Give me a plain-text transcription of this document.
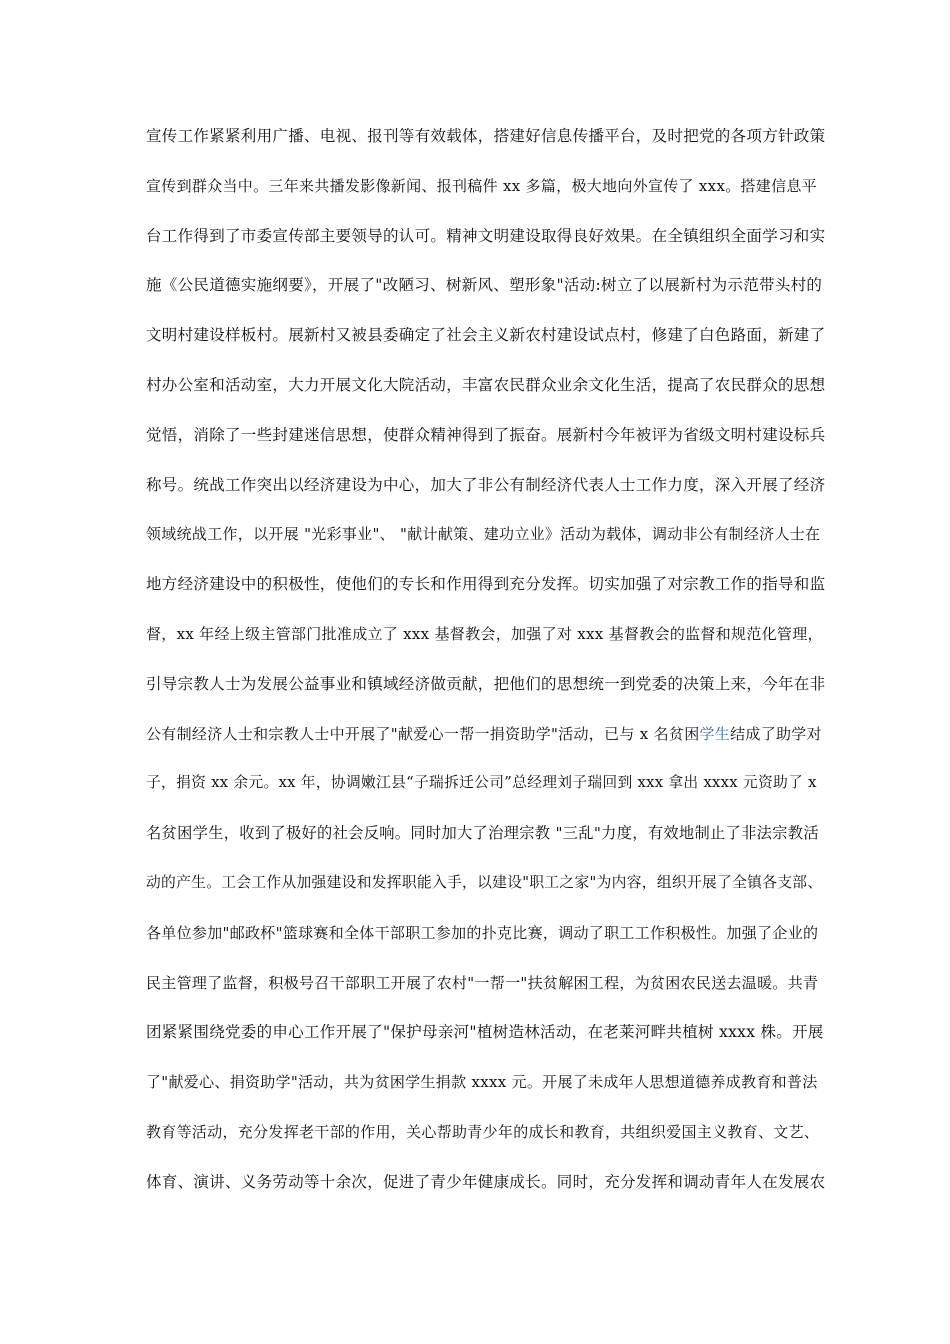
宣传工作紧紧利用广播、电视、报刊等有效载体，搭建好信息传播平台，及时把党的各项方针政策
宣传到群众当中。三年来共播发影像新闻、报刊稿件 xx 多篇，极大地向外宣传了 xxx。搭建信息平
台工作得到了市委宣传部主要领导的认可。精神文明建设取得良好效果。在全镇组织全面学习和实
施《公民道德实施纲要》，开展了"改陋习、树新风、塑形象"活动:树立了以展新村为示范带头村的
文明村建设样板村。展新村又被县委确定了社会主义新农村建设试点村，修建了白色路面，新建了
村办公室和活动室，大力开展文化大院活动，丰富农民群众业余文化生活，提高了农民群众的思想
觉悟，消除了一些封建迷信思想，使群众精神得到了振奋。展新村今年被评为省级文明村建设标兵
称号。统战工作突出以经济建设为中心，加大了非公有制经济代表人士工作力度，深入开展了经济
领域统战工作，以开展 "光彩事业"、 "献计献策、建功立业》活动为载体，调动非公有制经济人士在
地方经济建设中的积极性，使他们的专长和作用得到充分发挥。切实加强了对宗教工作的指导和监
督，xx 年经上级主管部门批准成立了 xxx 基督教会，加强了对 xxx 基督教会的监督和规范化管理，
引导宗教人士为发展公益事业和镇域经济做贡献，把他们的思想统一到党委的决策上来，今年在非
公有制经济人士和宗教人士中开展了"献爱心一帮一捐资助学"活动，已与 x 名贫困学生结成了助学对
子，捐资 xx 余元。xx 年，协调嫩江县“子瑞拆迁公司”总经理刘子瑞回到 xxx 拿出 xxxx 元资助了 x
名贫困学生，收到了极好的社会反响。同时加大了治理宗教 "三乱"力度，有效地制止了非法宗教活
动的产生。工会工作从加强建设和发挥职能入手，以建设"职工之家"为内容，组织开展了全镇各支部、
各单位参加"邮政杯"篮球赛和全体干部职工参加的扑克比赛，调动了职工工作积极性。加强了企业的
民主管理了监督，积极号召干部职工开展了农村"一帮一"扶贫解困工程，为贫困农民送去温暖。共青
团紧紧围绕党委的申心工作开展了"保护母亲河"植树造林活动，在老莱河畔共植树 xxxx 株。开展
了"献爱心、捐资助学"活动，共为贫困学生捐款 xxxx 元。开展了未成年人思想道德养成教育和普法
教育等活动，充分发挥老干部的作用，关心帮助青少年的成长和教育，共组织爱国主义教育、文艺、
体育、演讲、义务劳动等十余次，促进了青少年健康成长。同时，充分发挥和调动青年人在发展农
